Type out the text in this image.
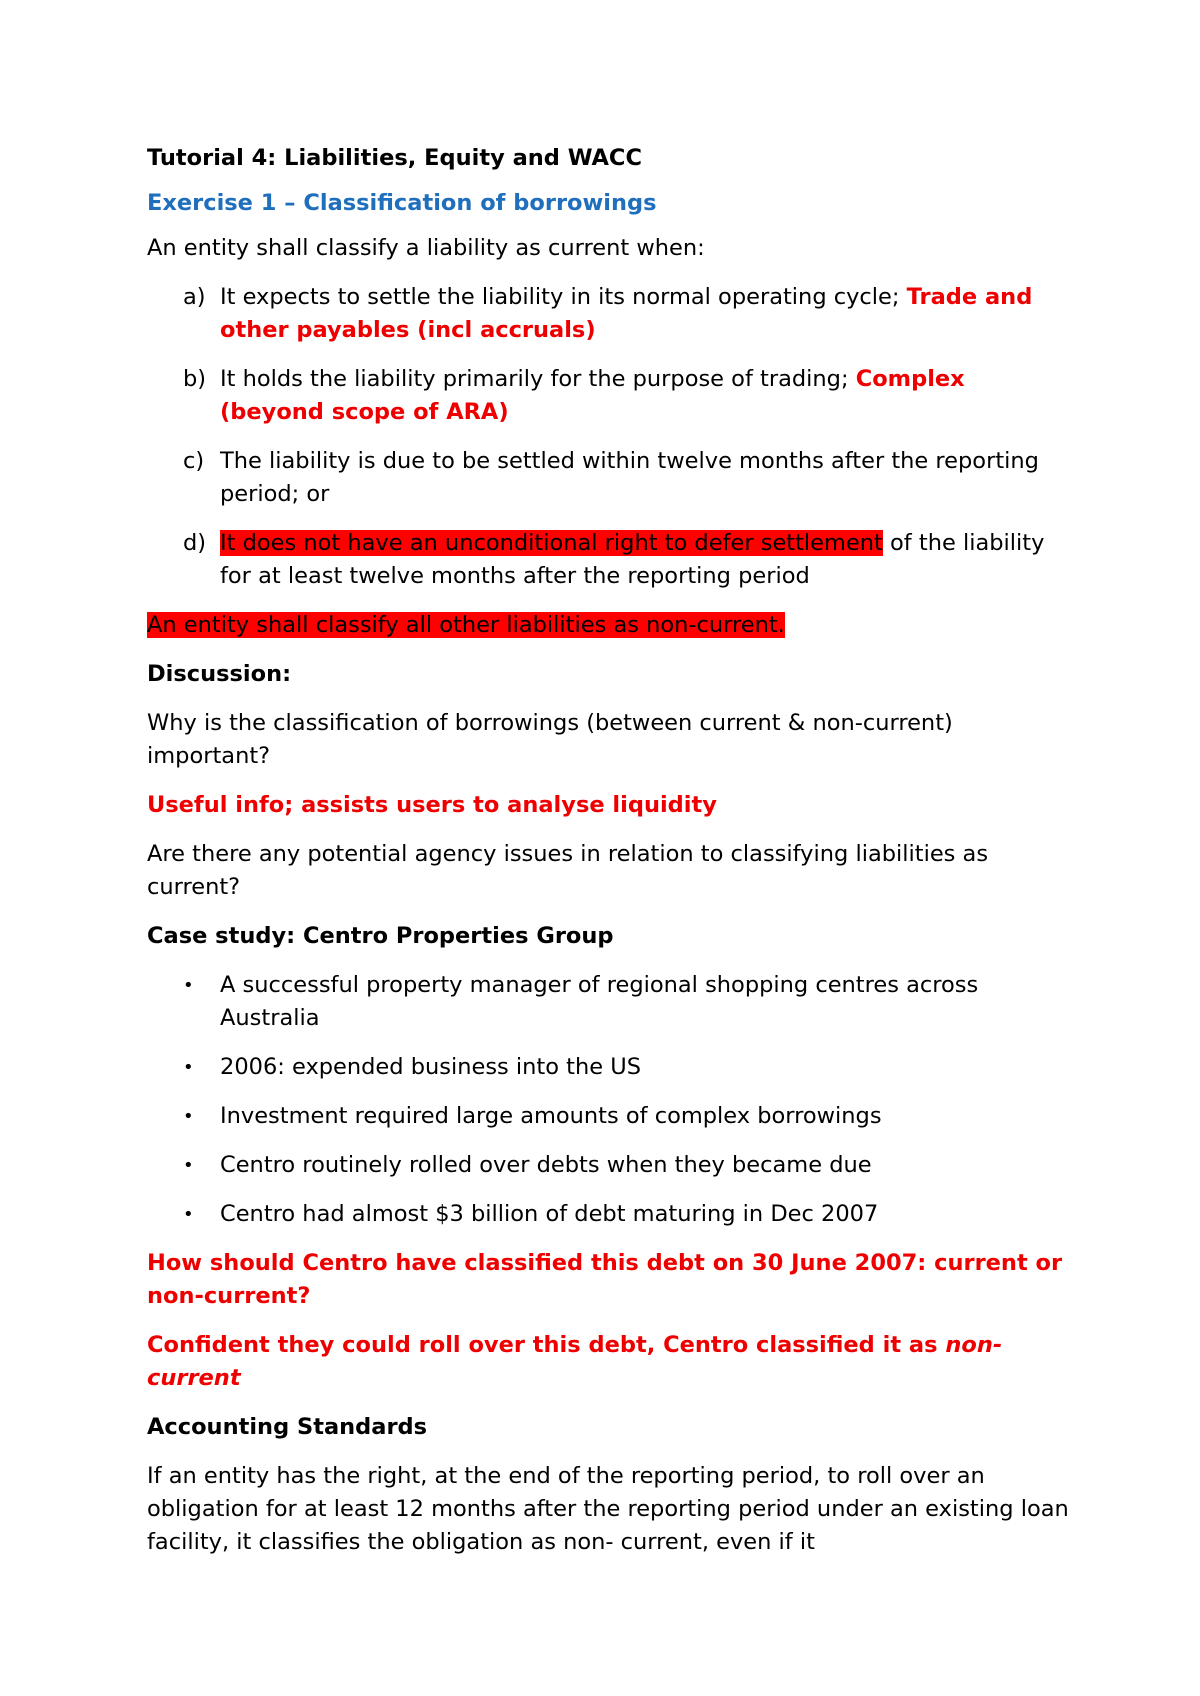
Tutorial 4: Liabilities, Equity and WACC

Exercise 1 – Classification of borrowings

An entity shall classify a liability as current when:

a) It expects to settle the liability in its normal operating cycle; Trade and other payables (incl accruals)
b) It holds the liability primarily for the purpose of trading; Complex (beyond scope of ARA)
c) The liability is due to be settled within twelve months after the reporting period; or
d) It does not have an unconditional right to defer settlement of the liability for at least twelve months after the reporting period

An entity shall classify all other liabilities as non-current.

Discussion:

Why is the classification of borrowings (between current & non-current) important?

Useful info; assists users to analyse liquidity

Are there any potential agency issues in relation to classifying liabilities as current?

Case study: Centro Properties Group

• A successful property manager of regional shopping centres across Australia
• 2006: expended business into the US
• Investment required large amounts of complex borrowings
• Centro routinely rolled over debts when they became due
• Centro had almost $3 billion of debt maturing in Dec 2007

How should Centro have classified this debt on 30 June 2007: current or non-current?

Confident they could roll over this debt, Centro classified it as non-current

Accounting Standards

If an entity has the right, at the end of the reporting period, to roll over an obligation for at least 12 months after the reporting period under an existing loan facility, it classifies the obligation as non- current, even if it
